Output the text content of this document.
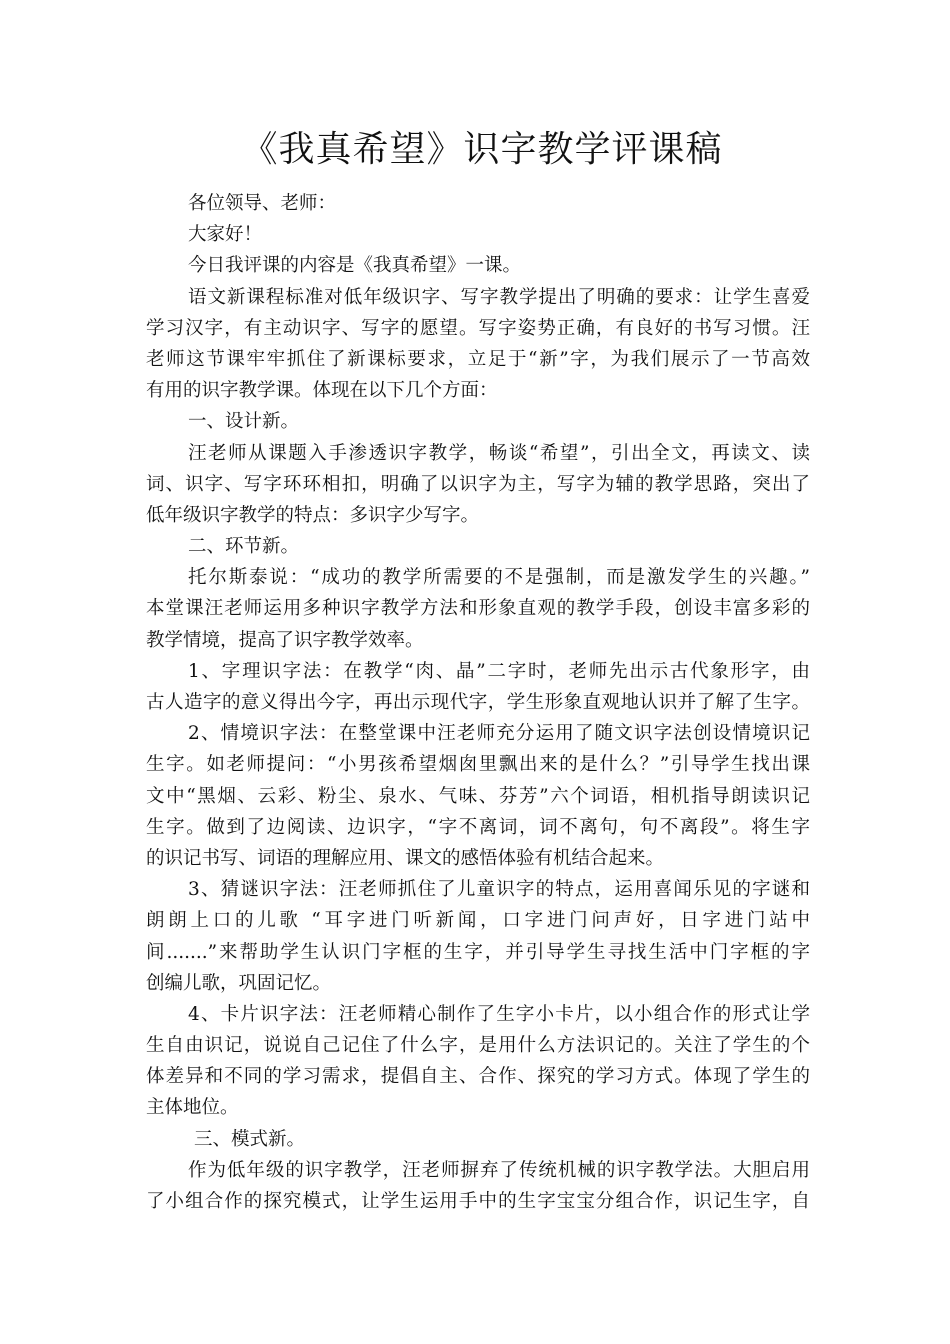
《我真希望》识字教学评课稿
各位领导、老师：
大家好！
今日我评课的内容是《我真希望》一课。
语文新课程标准对低年级识字、写字教学提出了明确的要求：让学生喜爱
学习汉字，有主动识字、写字的愿望。写字姿势正确，有良好的书写习惯。汪
老师这节课牢牢抓住了新课标要求，立足于“新”字，为我们展示了一节高效
有用的识字教学课。体现在以下几个方面：
一、设计新。
汪老师从课题入手渗透识字教学，畅谈“希望”，引出全文，再读文、读
词、识字、写字环环相扣，明确了以识字为主，写字为辅的教学思路，突出了
低年级识字教学的特点：多识字少写字。
二、环节新。
托尔斯泰说：“成功的教学所需要的不是强制，而是激发学生的兴趣。”
本堂课汪老师运用多种识字教学方法和形象直观的教学手段，创设丰富多彩的
教学情境，提高了识字教学效率。
1、字理识字法：在教学“肉、晶”二字时，老师先出示古代象形字，由
古人造字的意义得出今字，再出示现代字，学生形象直观地认识并了解了生字。
2、情境识字法：在整堂课中汪老师充分运用了随文识字法创设情境识记
生字。如老师提问：“小男孩希望烟囱里飘出来的是什么？”引导学生找出课
文中“黑烟、云彩、粉尘、泉水、气味、芬芳”六个词语，相机指导朗读识记
生字。做到了边阅读、边识字，“字不离词，词不离句，句不离段”。将生字
的识记书写、词语的理解应用、课文的感悟体验有机结合起来。
3、猜谜识字法：汪老师抓住了儿童识字的特点，运用喜闻乐见的字谜和
朗朗上口的儿歌 “耳字进门听新闻，口字进门问声好，日字进门站中
间.......”来帮助学生认识门字框的生字，并引导学生寻找生活中门字框的字
创编儿歌，巩固记忆。
4、卡片识字法：汪老师精心制作了生字小卡片，以小组合作的形式让学
生自由识记，说说自己记住了什么字，是用什么方法识记的。关注了学生的个
体差异和不同的学习需求，提倡自主、合作、探究的学习方式。体现了学生的
主体地位。
三、模式新。
作为低年级的识字教学，汪老师摒弃了传统机械的识字教学法。大胆启用
了小组合作的探究模式，让学生运用手中的生字宝宝分组合作，识记生字，自
